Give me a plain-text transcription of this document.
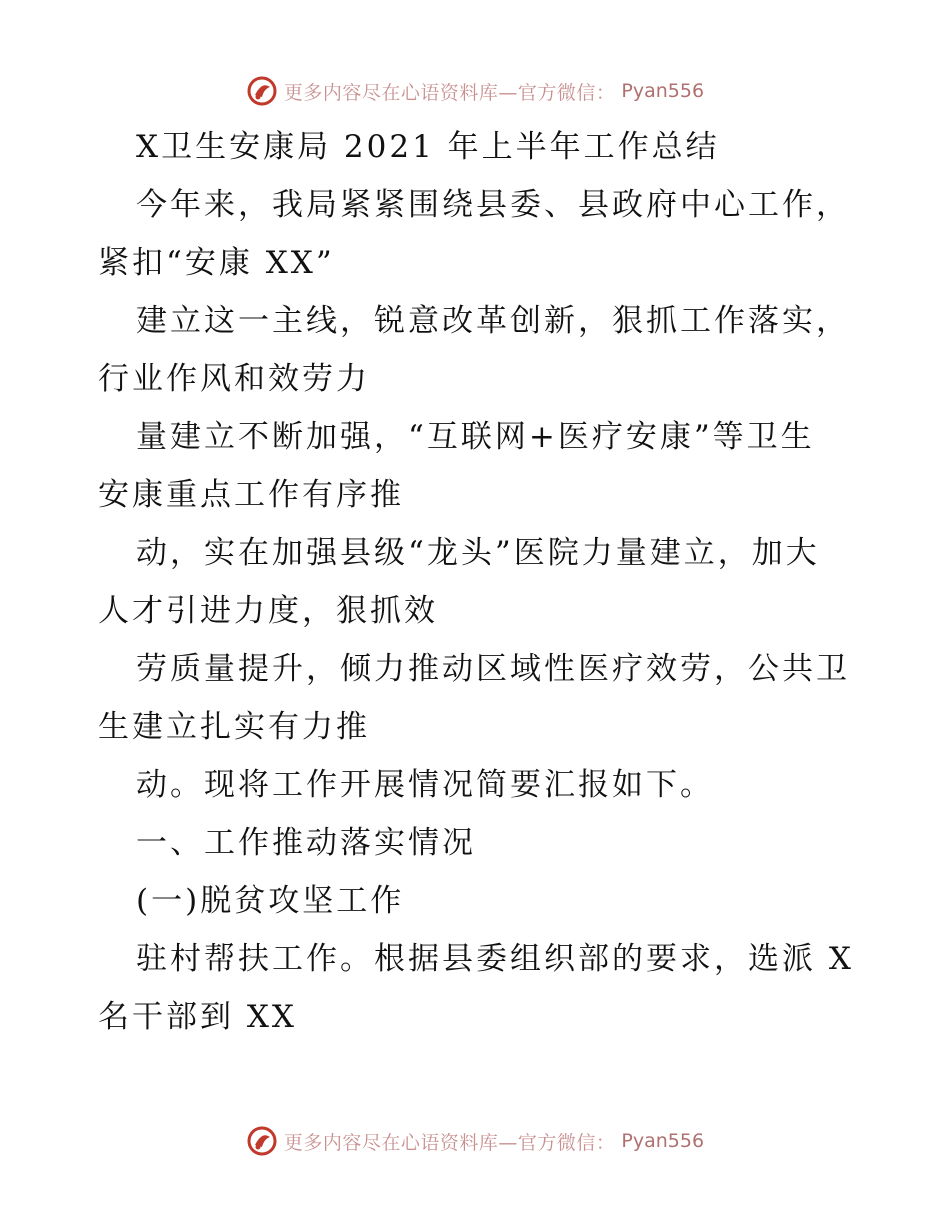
更多内容尽在心语资料库—官方微信： Pyan556
X卫生安康局 2021 年上半年工作总结
今年来，我局紧紧围绕县委、县政府中心工作，
紧扣“安康 XX”
建立这一主线，锐意改革创新，狠抓工作落实，
行业作风和效劳力
量建立不断加强，“互联网+医疗安康”等卫生
安康重点工作有序推
动，实在加强县级“龙头”医院力量建立，加大
人才引进力度，狠抓效
劳质量提升，倾力推动区域性医疗效劳，公共卫
生建立扎实有力推
动。现将工作开展情况简要汇报如下。
一、工作推动落实情况
(一)脱贫攻坚工作
驻村帮扶工作。根据县委组织部的要求，选派 X
名干部到 XX
更多内容尽在心语资料库—官方微信： Pyan556
